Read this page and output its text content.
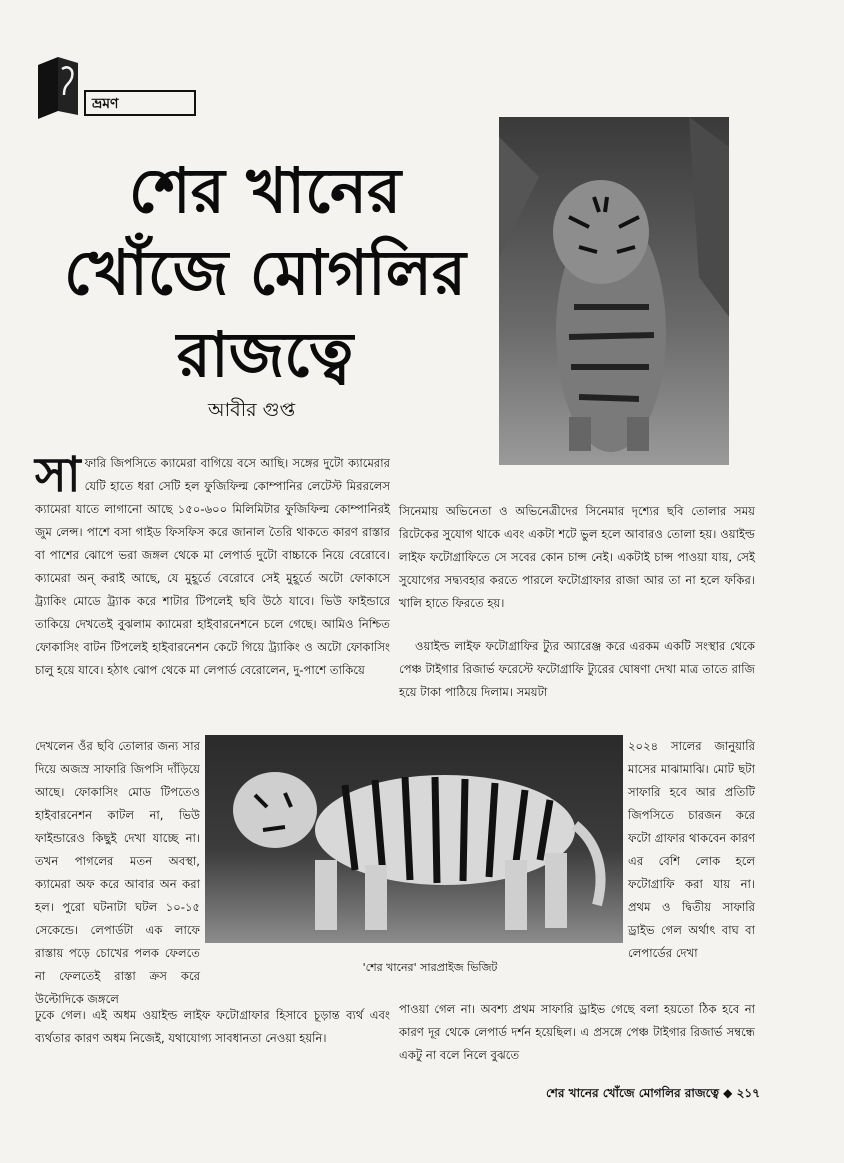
ভ্রমণ
শের খানের
খোঁজে মোগলির
রাজত্বে
আবীর গুপ্ত

সাফারি জিপসিতে ক্যামেরা বাগিয়ে বসে আছি। সঙ্গের দুটো ক্যামেরার যেটি হাতে ধরা সেটি হল ফুজিফিল্ম কোম্পানির লেটেস্ট মিররলেস ক্যামেরা যাতে লাগানো আছে ১৫০-৬০০ মিলিমিটার ফুজিফিল্ম কোম্পানিরই জুম লেন্স। পাশে বসা গাইড ফিসফিস করে জানাল তৈরি থাকতে কারণ রাস্তার বা পাশের ঝোপে ভরা জঙ্গল থেকে মা লেপার্ড দুটো বাচ্চাকে নিয়ে বেরোবে। ক্যামেরা অন্ করাই আছে, যে মুহূর্তে বেরোবে সেই মুহূর্তে অটো ফোকাসে ট্র্যাকিং মোডে ট্র্যাক করে শাটার টিপলেই ছবি উঠে যাবে। ভিউ ফাইন্ডারে তাকিয়ে দেখতেই বুঝলাম ক্যামেরা হাইবারনেশনে চলে গেছে। আমিও নিশ্চিত ফোকাসিং বাটন টিপলেই হাইবারনেশন কেটে গিয়ে ট্র্যাকিং ও অটো ফোকাসিং চালু হয়ে যাবে। হঠাৎ ঝোপ থেকে মা লেপার্ড বেরোলেন, দু-পাশে তাকিয়ে

সিনেমায় অভিনেতা ও অভিনেত্রীদের সিনেমার দৃশ্যের ছবি তোলার সময় রিটেকের সুযোগ থাকে এবং একটা শটে ভুল হলে আবারও তোলা হয়। ওয়াইল্ড লাইফ ফটোগ্রাফিতে সে সবের কোন চান্স নেই। একটাই চান্স পাওয়া যায়, সেই সুযোগের সদ্ব্যবহার করতে পারলে ফটোগ্রাফার রাজা আর তা না হলে ফকির। খালি হাতে ফিরতে হয়।

ওয়াইল্ড লাইফ ফটোগ্রাফির ট্যুর অ্যারেঞ্জ করে এরকম একটি সংস্থার থেকে পেঞ্চ টাইগার রিজার্ভ ফরেস্টে ফটোগ্রাফি ট্যুরের ঘোষণা দেখা মাত্র তাতে রাজি হয়ে টাকা পাঠিয়ে দিলাম। সময়টা

দেখলেন ওঁর ছবি তোলার জন্য সার দিয়ে অজস্র সাফারি জিপসি দাঁড়িয়ে আছে। ফোকাসিং মোড টিপতেও হাইবারনেশন কাটল না, ভিউ ফাইন্ডারেও কিছুই দেখা যাচ্ছে না। তখন পাগলের মতন অবস্থা, ক্যামেরা অফ করে আবার অন করা হল। পুরো ঘটনাটা ঘটল ১০-১৫ সেকেন্ডে। লেপার্ডটা এক লাফে রাস্তায় পড়ে চোখের পলক ফেলতে না ফেলতেই রাস্তা ক্রস করে উল্টোদিকে জঙ্গলে
'শের খানের' সারপ্রাইজ ভিজিট
২০২৪ সালের জানুয়ারি মাসের মাঝামাঝি। মোট ছটা সাফারি হবে আর প্রতিটি জিপসিতে চারজন করে ফটো গ্রাফার থাকবেন কারণ এর বেশি লোক হলে ফটোগ্রাফি করা যায় না। প্রথম ও দ্বিতীয় সাফারি ড্রাইভ গেল অর্থাৎ বাঘ বা লেপার্ডের দেখা
ঢুকে গেল। এই অধম ওয়াইল্ড লাইফ ফটোগ্রাফার হিসাবে চূড়ান্ত ব্যর্থ এবং ব্যর্থতার কারণ অধম নিজেই, যথাযোগ্য সাবধানতা নেওয়া হয়নি।
পাওয়া গেল না। অবশ্য প্রথম সাফারি ড্রাইভ গেছে বলা হয়তো ঠিক হবে না কারণ দূর থেকে লেপার্ড দর্শন হয়েছিল। এ প্রসঙ্গে পেঞ্চ টাইগার রিজার্ভ সম্বন্ধে একটু না বলে নিলে বুঝতে
শের খানের খোঁজে মোগলির রাজত্বে ◆ ২১৭
